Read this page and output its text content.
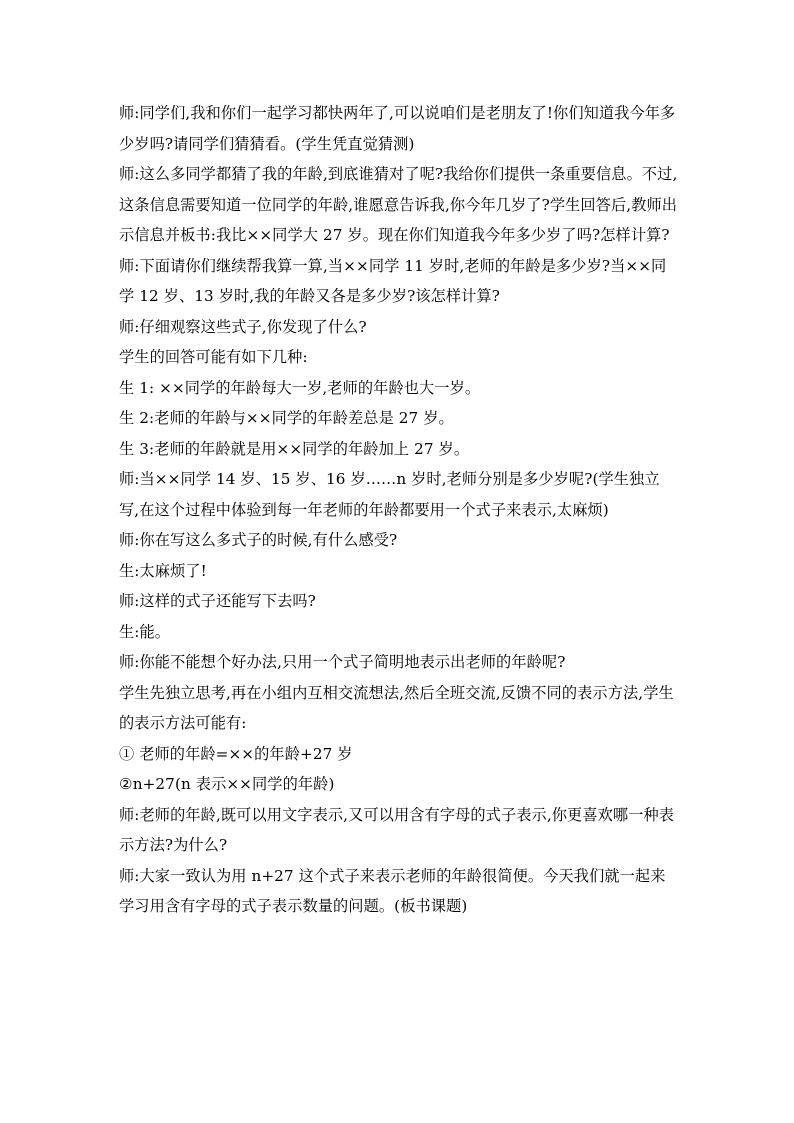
师:同学们,我和你们一起学习都快两年了,可以说咱们是老朋友了!你们知道我今年多少岁吗?请同学们猜猜看。(学生凭直觉猜测)

师:这么多同学都猜了我的年龄,到底谁猜对了呢?我给你们提供一条重要信息。不过,这条信息需要知道一位同学的年龄,谁愿意告诉我,你今年几岁了?学生回答后,教师出示信息并板书:我比××同学大 27 岁。现在你们知道我今年多少岁了吗?怎样计算?

师:下面请你们继续帮我算一算,当××同学 11 岁时,老师的年龄是多少岁?当××同学 12 岁、13 岁时,我的年龄又各是多少岁?该怎样计算?

师:仔细观察这些式子,你发现了什么?

学生的回答可能有如下几种:

生 1: ××同学的年龄每大一岁,老师的年龄也大一岁。

生 2:老师的年龄与××同学的年龄差总是 27 岁。

生 3:老师的年龄就是用××同学的年龄加上 27 岁。

师:当××同学 14 岁、15 岁、16 岁……n 岁时,老师分别是多少岁呢?(学生独立写,在这个过程中体验到每一年老师的年龄都要用一个式子来表示,太麻烦)

师:你在写这么多式子的时候,有什么感受?

生:太麻烦了!

师:这样的式子还能写下去吗?

生:能。

师:你能不能想个好办法,只用一个式子简明地表示出老师的年龄呢?

学生先独立思考,再在小组内互相交流想法,然后全班交流,反馈不同的表示方法,学生的表示方法可能有:

① 老师的年龄=××的年龄+27 岁

②n+27(n 表示××同学的年龄)

师:老师的年龄,既可以用文字表示,又可以用含有字母的式子表示,你更喜欢哪一种表示方法?为什么?

师:大家一致认为用 n+27 这个式子来表示老师的年龄很简便。今天我们就一起来学习用含有字母的式子表示数量的问题。(板书课题)
